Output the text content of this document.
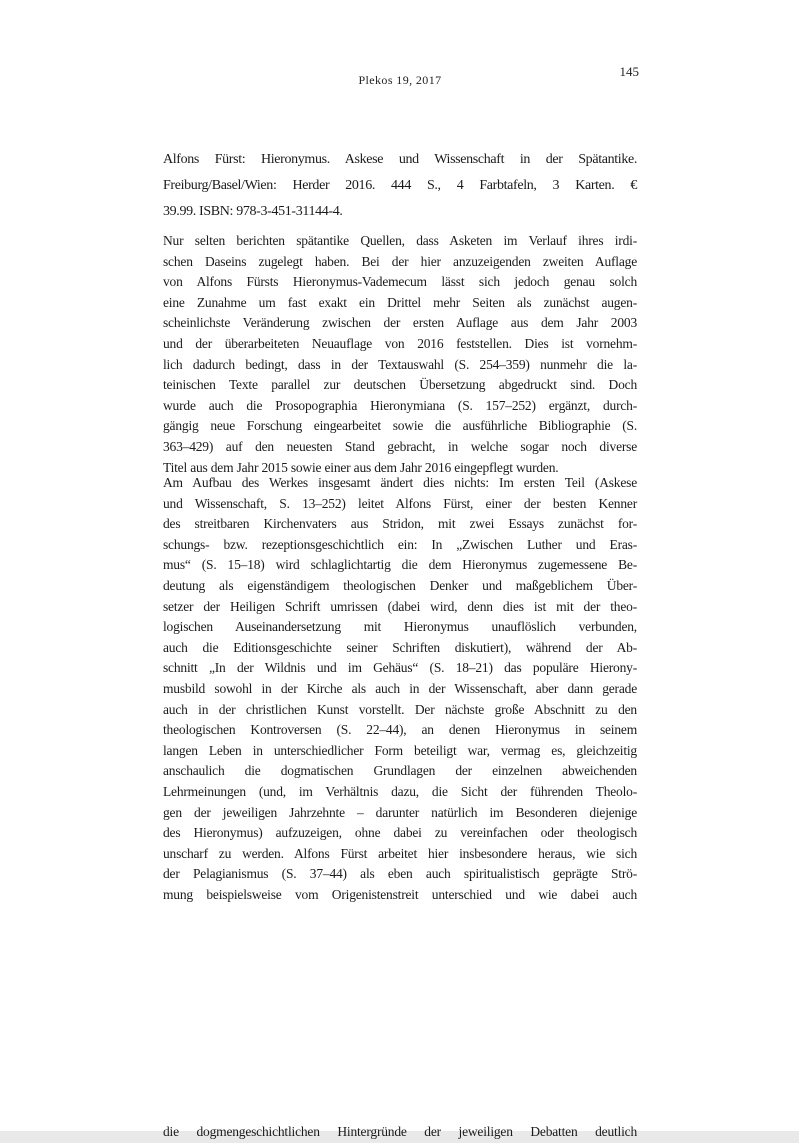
145
Plekos 19, 2017
Alfons Fürst: Hieronymus. Askese und Wissenschaft in der Spätantike.
Freiburg/Basel/Wien: Herder 2016. 444 S., 4 Farbtafeln, 3 Karten. €
39.99. ISBN: 978-3-451-31144-4.
Nur selten berichten spätantike Quellen, dass Asketen im Verlauf ihres irdi-
schen Daseins zugelegt haben. Bei der hier anzuzeigenden zweiten Auflage
von Alfons Fürsts Hieronymus-Vademecum lässt sich jedoch genau solch
eine Zunahme um fast exakt ein Drittel mehr Seiten als zunächst augen-
scheinlichste Veränderung zwischen der ersten Auflage aus dem Jahr 2003
und der überarbeiteten Neuauflage von 2016 feststellen. Dies ist vornehm-
lich dadurch bedingt, dass in der Textauswahl (S. 254–359) nunmehr die la-
teinischen Texte parallel zur deutschen Übersetzung abgedruckt sind. Doch
wurde auch die Prosopographia Hieronymiana (S. 157–252) ergänzt, durch-
gängig neue Forschung eingearbeitet sowie die ausführliche Bibliographie (S.
363–429) auf den neuesten Stand gebracht, in welche sogar noch diverse
Titel aus dem Jahr 2015 sowie einer aus dem Jahr 2016 eingepflegt wurden.
Am Aufbau des Werkes insgesamt ändert dies nichts: Im ersten Teil (Askese
und Wissenschaft, S. 13–252) leitet Alfons Fürst, einer der besten Kenner
des streitbaren Kirchenvaters aus Stridon, mit zwei Essays zunächst for-
schungs- bzw. rezeptionsgeschichtlich ein: In „Zwischen Luther und Eras-
mus“ (S. 15–18) wird schlaglichtartig die dem Hieronymus zugemessene Be-
deutung als eigenständigem theologischen Denker und maßgeblichem Über-
setzer der Heiligen Schrift umrissen (dabei wird, denn dies ist mit der theo-
logischen Auseinandersetzung mit Hieronymus unauflöslich verbunden,
auch die Editionsgeschichte seiner Schriften diskutiert), während der Ab-
schnitt „In der Wildnis und im Gehäus“ (S. 18–21) das populäre Hierony-
musbild sowohl in der Kirche als auch in der Wissenschaft, aber dann gerade
auch in der christlichen Kunst vorstellt. Der nächste große Abschnitt zu den
theologischen Kontroversen (S. 22–44), an denen Hieronymus in seinem
langen Leben in unterschiedlicher Form beteiligt war, vermag es, gleichzeitig
anschaulich die dogmatischen Grundlagen der einzelnen abweichenden
Lehrmeinungen (und, im Verhältnis dazu, die Sicht der führenden Theolo-
gen der jeweiligen Jahrzehnte – darunter natürlich im Besonderen diejenige
des Hieronymus) aufzuzeigen, ohne dabei zu vereinfachen oder theologisch
unscharf zu werden. Alfons Fürst arbeitet hier insbesondere heraus, wie sich
der Pelagianismus (S. 37–44) als eben auch spiritualistisch geprägte Strö-
mung beispielsweise vom Origenistenstreit unterschied und wie dabei auch
die dogmengeschichtlichen Hintergründe der jeweiligen Debatten deutlich
